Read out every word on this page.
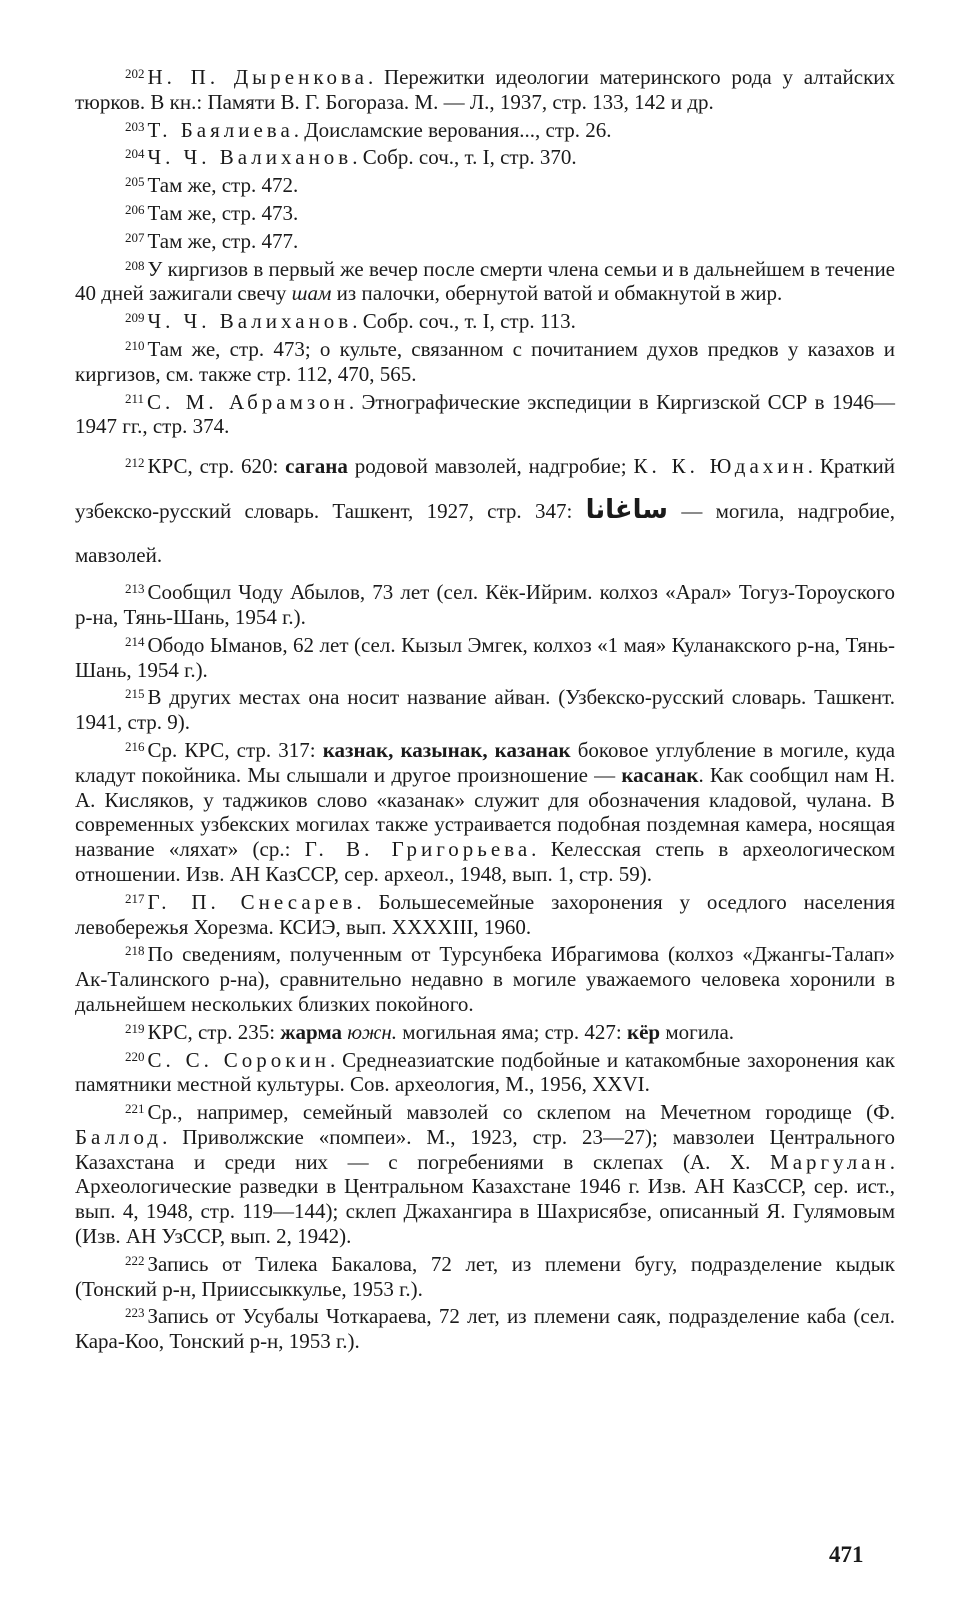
$^{202}$ Н. П. Дыренкова. Пережитки идеологии материнского рода у алтайских тюрков. В кн.: Памяти В. Г. Богораза. М. — Л., 1937, стр. 133, 142 и др.

$^{203}$ Т. Баялиева. Доисламские верования..., стр. 26.

$^{204}$ Ч. Ч. Валиханов. Собр. соч., т. I, стр. 370.

$^{205}$ Там же, стр. 472.

$^{206}$ Там же, стр. 473.

$^{207}$ Там же, стр. 477.

$^{208}$ У киргизов в первый же вечер после смерти члена семьи и в дальнейшем в течение 40 дней зажигали свечу шам из палочки, обернутой ватой и обмакнутой в жир.

$^{209}$ Ч. Ч. Валиханов. Собр. соч., т. I, стр. 113.

$^{210}$ Там же, стр. 473; о культе, связанном с почитанием духов предков у казахов и киргизов, см. также стр. 112, 470, 565.

$^{211}$ С. М. Абрамзон. Этнографические экспедиции в Киргизской ССР в 1946—1947 гг., стр. 374.

$^{212}$ КРС, стр. 620: сагана родовой мавзолей, надгробие; К. К. Юдахин. Краткий узбекско-русский словарь. Ташкент, 1927, стр. 347: ساغانا — могила, надгробие, мавзолей.

$^{213}$ Сообщил Чоду Абылов, 73 лет (сел. Кёк-Ийрим. колхоз «Арал» Тогуз-Тороуского р-на, Тянь-Шань, 1954 г.).

$^{214}$ Ободо Ыманов, 62 лет (сел. Кызыл Эмгек, колхоз «1 мая» Куланакского р-на, Тянь-Шань, 1954 г.).

$^{215}$ В других местах она носит название айван. (Узбекско-русский словарь. Ташкент. 1941, стр. 9).

$^{216}$ Ср. КРС, стр. 317: казнак, казынак, казанак боковое углубление в могиле, куда кладут покойника. Мы слышали и другое произношение — касанак. Как сообщил нам Н. А. Кисляков, у таджиков слово «казанак» служит для обозначения кладовой, чулана. В современных узбекских могилах также устраивается подобная поздемная камера, носящая название «ляхат» (ср.: Г. В. Григорьева. Келесская степь в археологическом отношении. Изв. АН КазССР, сер. археол., 1948, вып. 1, стр. 59).

$^{217}$ Г. П. Снесарев. Большесемейные захоронения у оседлого населения левобережья Хорезма. КСИЭ, вып. XXXXIII, 1960.

$^{218}$ По сведениям, полученным от Турсунбека Ибрагимова (колхоз «Джангы-Талап» Ак-Талинского р-на), сравнительно недавно в могиле уважаемого человека хоронили в дальнейшем нескольких близких покойного.

$^{219}$ КРС, стр. 235: жарма южн. могильная яма; стр. 427: кёр могила.

$^{220}$ С. С. Сорокин. Среднеазиатские подбойные и катакомбные захоронения как памятники местной культуры. Сов. археология, М., 1956, XXVI.

$^{221}$ Ср., например, семейный мавзолей со склепом на Мечетном городище (Ф. Баллод. Приволжские «помпеи». М., 1923, стр. 23—27); мавзолеи Центрального Казахстана и среди них — с погребениями в склепах (А. Х. Маргулан. Археологические разведки в Центральном Казахстане 1946 г. Изв. АН КазССР, сер. ист., вып. 4, 1948, стр. 119—144); склеп Джахангира в Шахрисябзе, описанный Я. Гулямовым (Изв. АН УзССР, вып. 2, 1942).

$^{222}$ Запись от Тилека Бакалова, 72 лет, из племени бугу, подразделение кыдык (Тонский р-н, Прииссыккулье, 1953 г.).

$^{223}$ Запись от Усубалы Чоткараева, 72 лет, из племени саяк, подразделение каба (сел. Кара-Коо, Тонский р-н, 1953 г.).

471
